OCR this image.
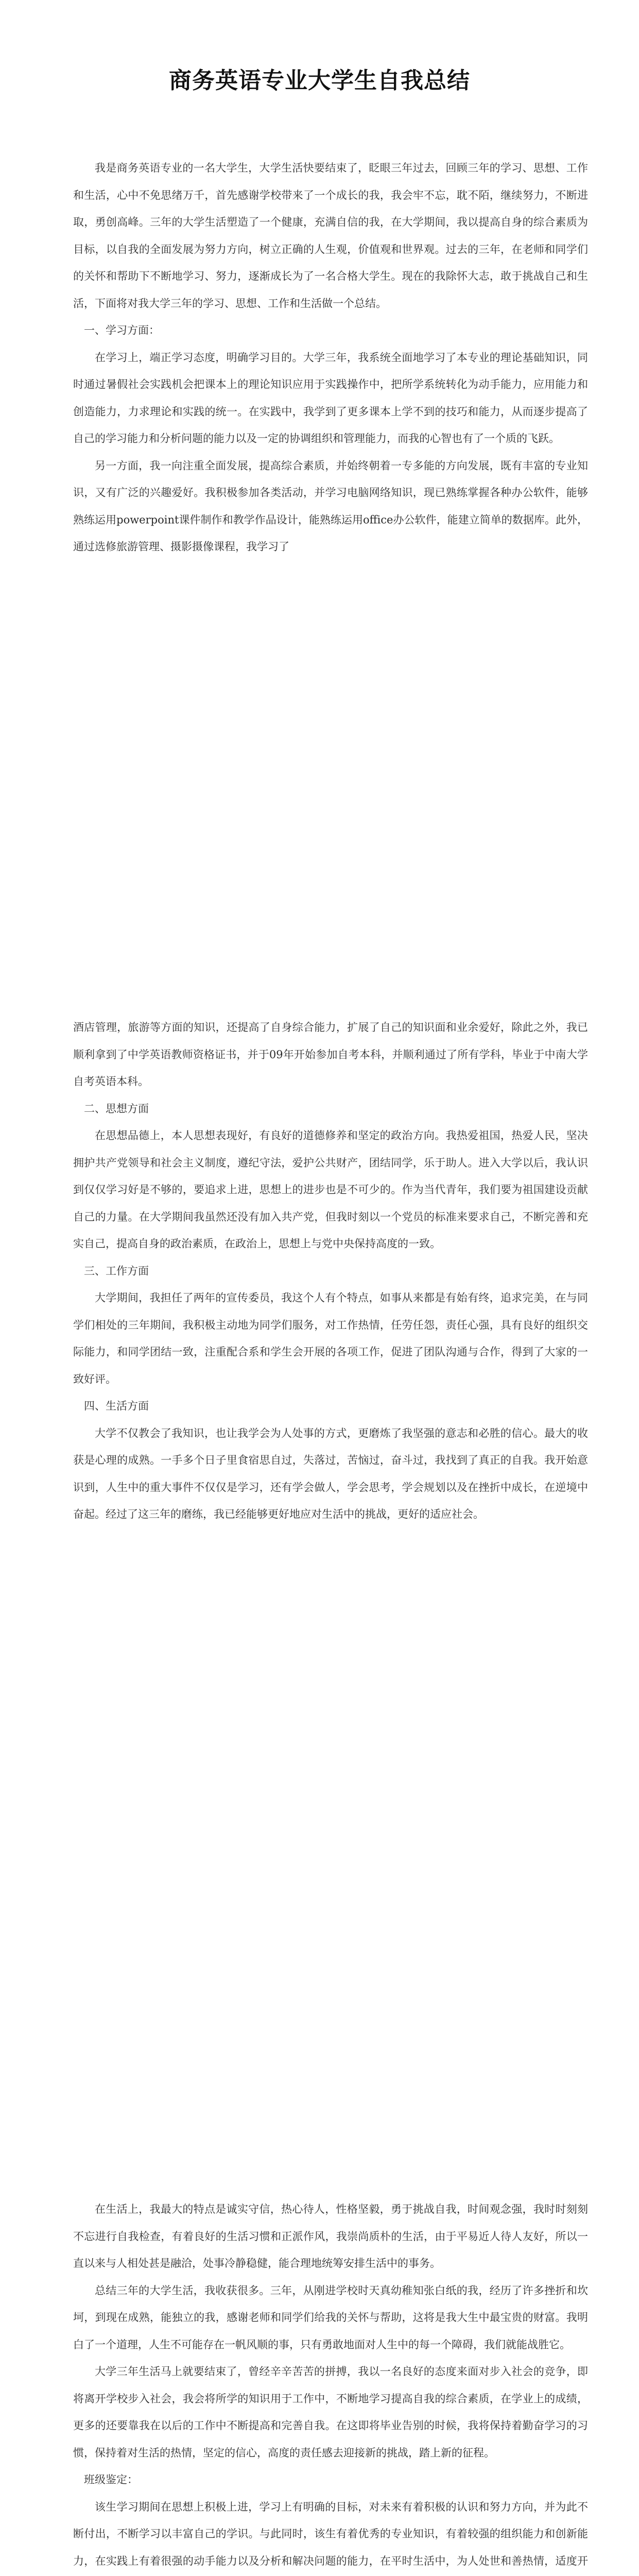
商务英语专业大学生自我总结

我是商务英语专业的一名大学生，大学生活快要结束了，眨眼三年过去，回顾三年的学习、思想、工作和生活，心中不免思绪万千，首先感谢学校带来了一个成长的我，我会牢不忘，耽不陌，继续努力，不断进取，勇创高峰。三年的大学生活塑造了一个健康，充满自信的我，在大学期间，我以提高自身的综合素质为目标，以自我的全面发展为努力方向，树立正确的人生观，价值观和世界观。过去的三年，在老师和同学们的关怀和帮助下不断地学习、努力，逐渐成长为了一名合格大学生。现在的我除怀大志，敢于挑战自己和生活，下面将对我大学三年的学习、思想、工作和生活做一个总结。

一、学习方面：

在学习上，端正学习态度，明确学习目的。大学三年，我系统全面地学习了本专业的理论基础知识，同时通过暑假社会实践机会把课本上的理论知识应用于实践操作中，把所学系统转化为动手能力，应用能力和创造能力，力求理论和实践的统一。在实践中，我学到了更多课本上学不到的技巧和能力，从而逐步提高了自己的学习能力和分析问题的能力以及一定的协调组织和管理能力，而我的心智也有了一个质的飞跃。

另一方面，我一向注重全面发展，提高综合素质，并始终朝着一专多能的方向发展，既有丰富的专业知识，又有广泛的兴趣爱好。我积极参加各类活动，并学习电脑网络知识，现已熟练掌握各种办公软件，能够熟练运用powerpoint课件制作和教学作品设计，能熟练运用office办公软件，能建立简单的数据库。此外，通过选修旅游管理、摄影摄像课程，我学习了

酒店管理，旅游等方面的知识，还提高了自身综合能力，扩展了自己的知识面和业余爱好，除此之外，我已顺利拿到了中学英语教师资格证书，并于09年开始参加自考本科，并顺利通过了所有学科，毕业于中南大学自考英语本科。

二、思想方面

在思想品德上，本人思想表现好，有良好的道德修养和坚定的政治方向。我热爱祖国，热爱人民，坚决拥护共产党领导和社会主义制度，遵纪守法，爱护公共财产，团结同学，乐于助人。进入大学以后，我认识到仅仅学习好是不够的，要追求上进，思想上的进步也是不可少的。作为当代青年，我们要为祖国建设贡献自己的力量。在大学期间我虽然还没有加入共产党，但我时刻以一个党员的标准来要求自己，不断完善和充实自己，提高自身的政治素质，在政治上，思想上与党中央保持高度的一致。

三、工作方面

大学期间，我担任了两年的宣传委员，我这个人有个特点，如事从来都是有始有终，追求完美，在与同学们相处的三年期间，我积极主动地为同学们服务，对工作热情，任劳任怨，责任心强，具有良好的组织交际能力，和同学团结一致，注重配合系和学生会开展的各项工作，促进了团队沟通与合作，得到了大家的一致好评。

四、生活方面

大学不仅教会了我知识，也让我学会为人处事的方式，更磨炼了我坚强的意志和必胜的信心。最大的收获是心理的成熟。一手多个日子里食宿思自过，失落过，苦恼过，奋斗过，我找到了真正的自我。我开始意识到，人生中的重大事件不仅仅是学习，还有学会做人，学会思考，学会规划以及在挫折中成长，在逆境中奋起。经过了这三年的磨练，我已经能够更好地应对生活中的挑战，更好的适应社会。

在生活上，我最大的特点是诚实守信，热心待人，性格坚毅，勇于挑战自我，时间观念强，我时时刻刻不忘进行自我检查，有着良好的生活习惯和正派作风，我崇尚质朴的生活，由于平易近人待人友好，所以一直以来与人相处甚是融洽，处事冷静稳健，能合理地统筹安排生活中的事务。

总结三年的大学生活，我收获很多。三年，从刚进学校时天真幼稚知张白纸的我，经历了许多挫折和坎坷，到现在成熟，能独立的我，感谢老师和同学们给我的关怀与帮助，这将是我大生中最宝贵的财富。我明白了一个道理，人生不可能存在一帆风顺的事，只有勇敢地面对人生中的每一个障碍，我们就能战胜它。

大学三年生活马上就要结束了，曾经辛辛苦苦的拼搏，我以一名良好的态度来面对步入社会的竞争，即将离开学校步入社会，我会将所学的知识用于工作中，不断地学习提高自我的综合素质，在学业上的成绩，更多的还要靠我在以后的工作中不断提高和完善自我。在这即将毕业告别的时候，我将保持着勤奋学习的习惯，保持着对生活的热情，坚定的信心，高度的责任感去迎接新的挑战，踏上新的征程。

班级鉴定：

该生学习期间在思想上积极上进，学习上有明确的目标，对未来有着积极的认识和努力方向，并为此不断付出，不断学习以丰富自己的学识。与此同时，该生有着优秀的专业知识，有着较强的组织能力和创新能力，在实践上有着很强的动手能力以及分析和解决问题的能力，在平时生活中，为人处世和善热情，适度开
